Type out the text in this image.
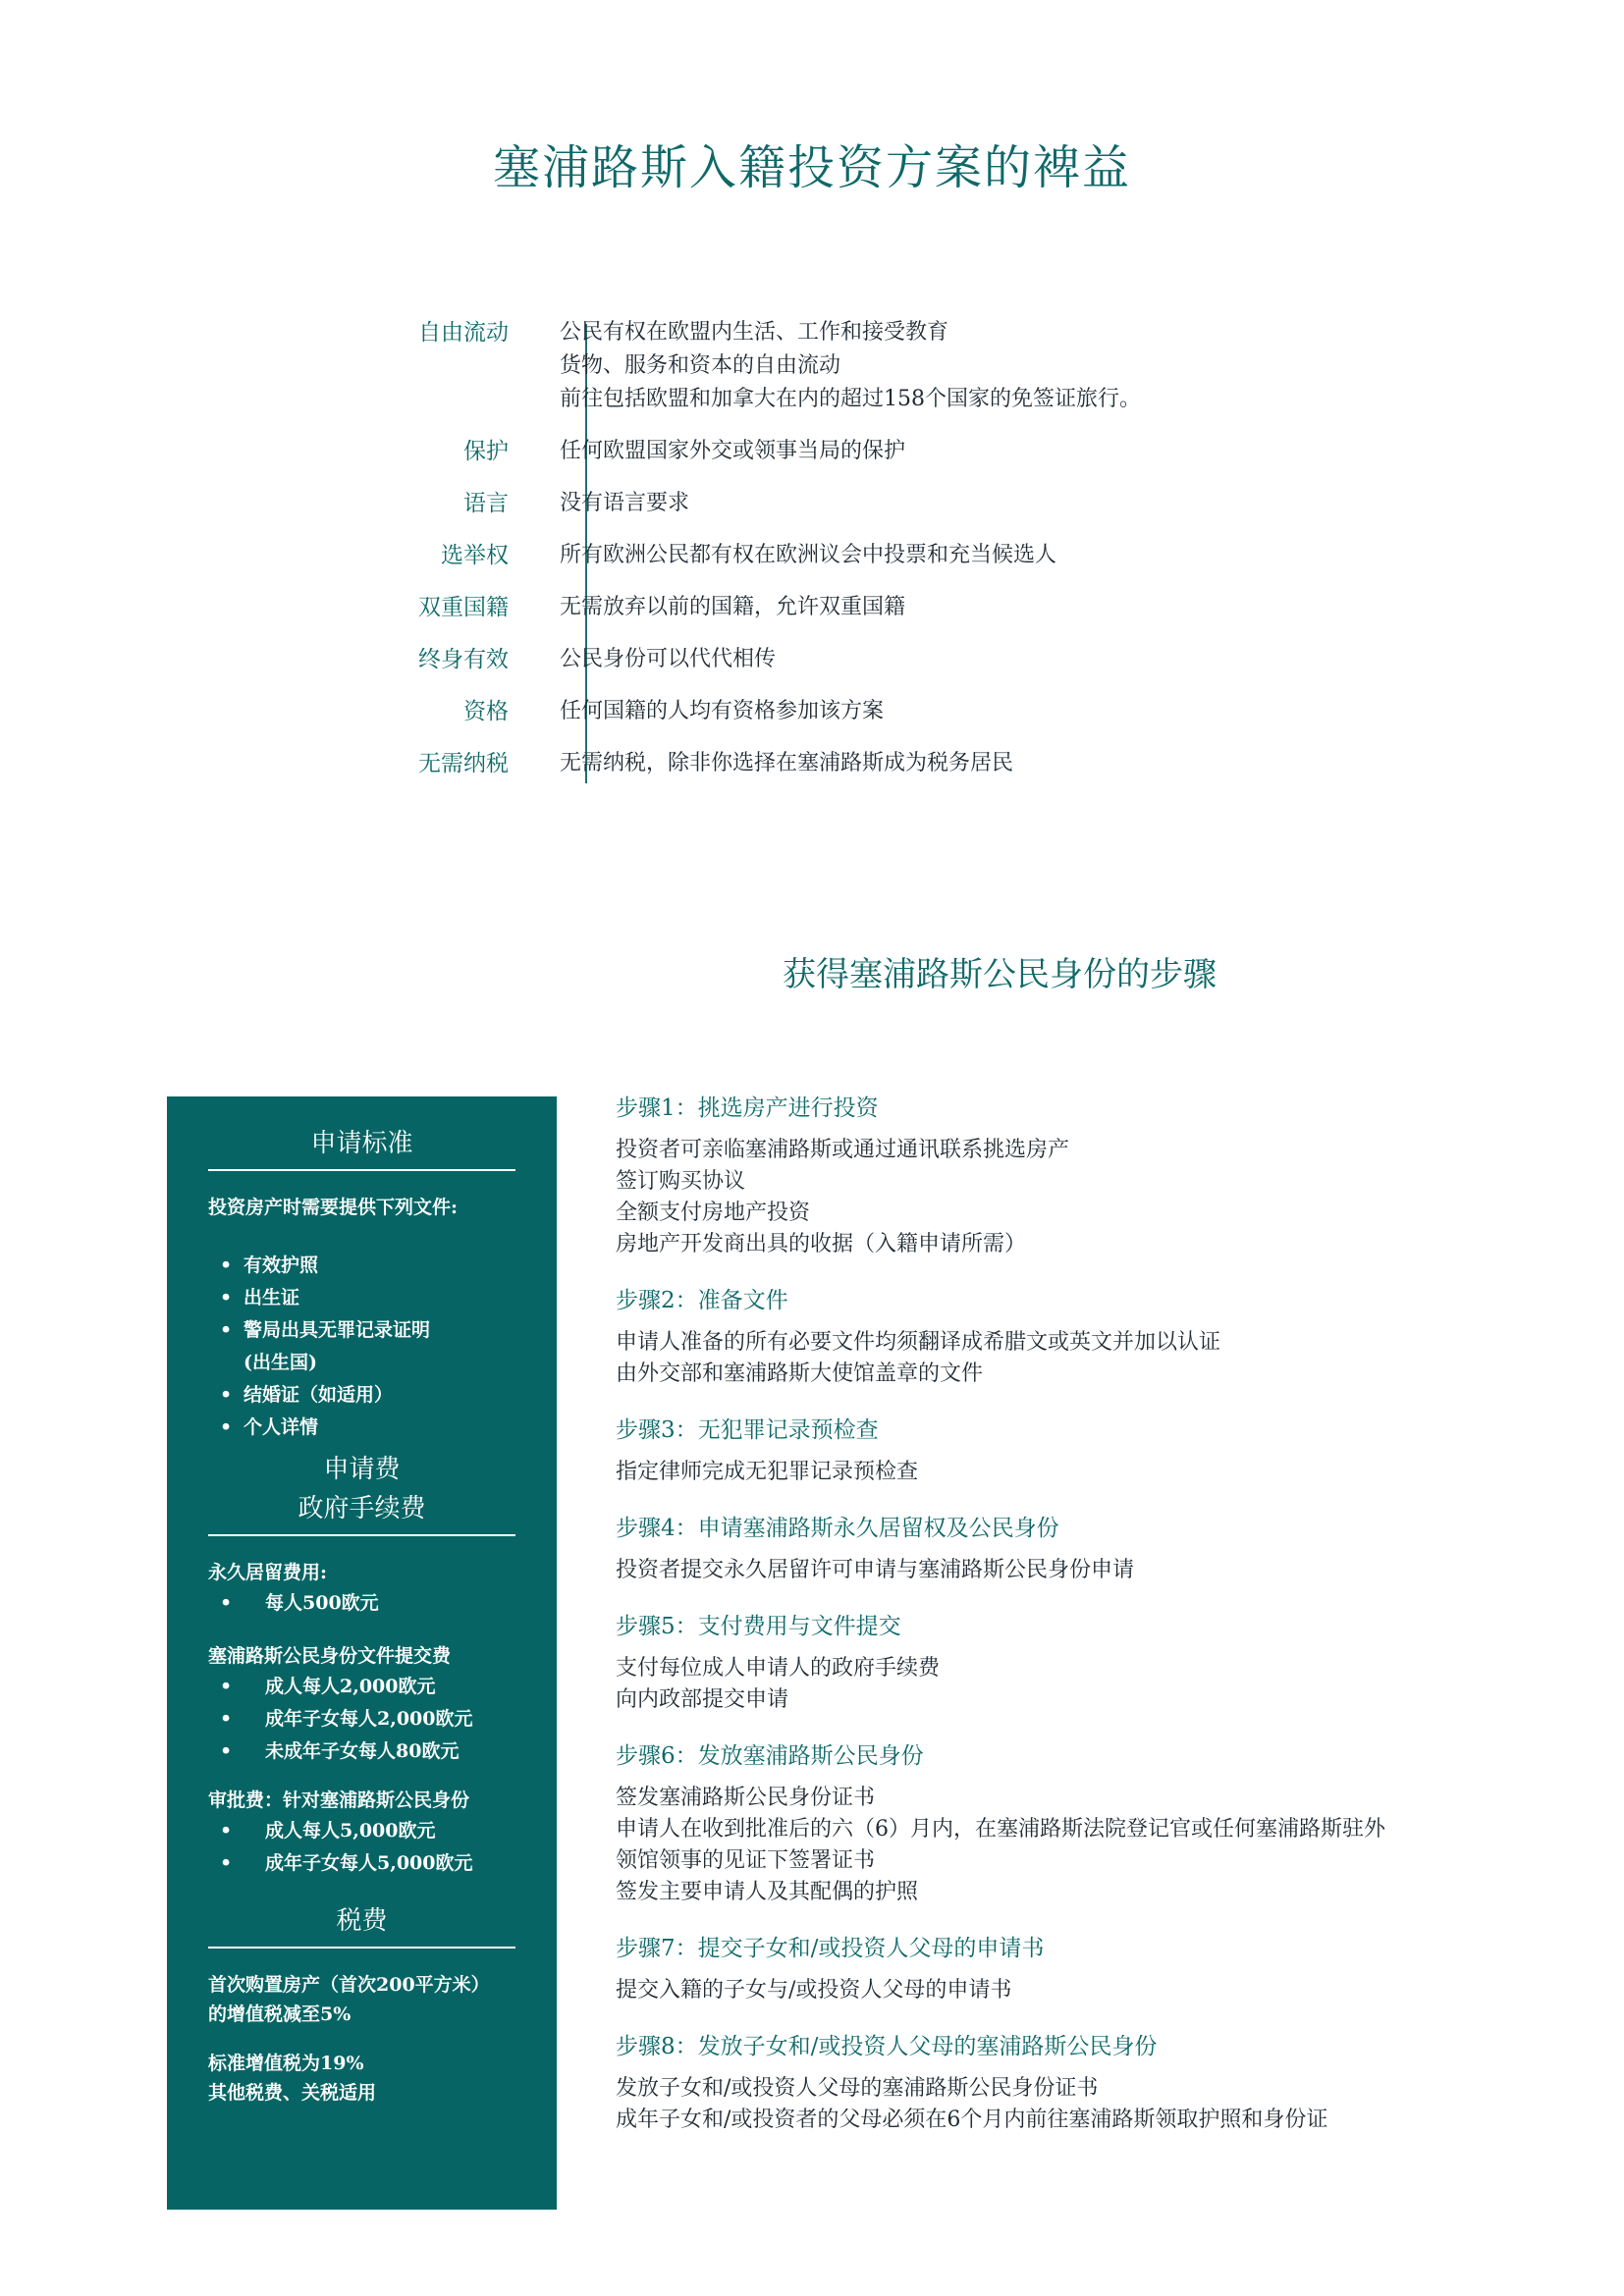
塞浦路斯入籍投资方案的裨益
自由流动	公民有权在欧盟内生活、工作和接受教育
货物、服务和资本的自由流动
前往包括欧盟和加拿大在内的超过158个国家的免签证旅行。
保护	任何欧盟国家外交或领事当局的保护
语言	没有语言要求
选举权	所有欧洲公民都有权在欧洲议会中投票和充当候选人
双重国籍	无需放弃以前的国籍，允许双重国籍
终身有效	公民身份可以代代相传
资格	任何国籍的人均有资格参加该方案
无需纳税	无需纳税，除非你选择在塞浦路斯成为税务居民
获得塞浦路斯公民身份的步骤
申请标准
投资房产时需要提供下列文件:
• 有效护照
• 出生证
• 警局出具无罪记录证明
(出生国)
• 结婚证（如适用）
• 个人详情
申请费
政府手续费
永久居留费用:
•	每人500欧元
塞浦路斯公民身份文件提交费
•	成人每人2,000欧元
•	成年子女每人2,000欧元
•	未成年子女每人80欧元
审批费：针对塞浦路斯公民身份
•	成人每人5,000欧元
•	成年子女每人5,000欧元
税费
首次购置房产（首次200平方米）
的增值税减至5%
标准增值税为19%
其他税费、关税适用
步骤1：挑选房产进行投资
投资者可亲临塞浦路斯或通过通讯联系挑选房产
签订购买协议
全额支付房地产投资
房地产开发商出具的收据（入籍申请所需）
步骤2：准备文件
申请人准备的所有必要文件均须翻译成希腊文或英文并加以认证
由外交部和塞浦路斯大使馆盖章的文件
步骤3：无犯罪记录预检查
指定律师完成无犯罪记录预检查
步骤4：申请塞浦路斯永久居留权及公民身份
投资者提交永久居留许可申请与塞浦路斯公民身份申请
步骤5：支付费用与文件提交
支付每位成人申请人的政府手续费
向内政部提交申请
步骤6：发放塞浦路斯公民身份
签发塞浦路斯公民身份证书
申请人在收到批准后的六（6）月内，在塞浦路斯法院登记官或任何塞浦路斯驻外
领馆领事的见证下签署证书
签发主要申请人及其配偶的护照
步骤7：提交子女和/或投资人父母的申请书
提交入籍的子女与/或投资人父母的申请书
步骤8：发放子女和/或投资人父母的塞浦路斯公民身份
发放子女和/或投资人父母的塞浦路斯公民身份证书
成年子女和/或投资者的父母必须在6个月内前往塞浦路斯领取护照和身份证
